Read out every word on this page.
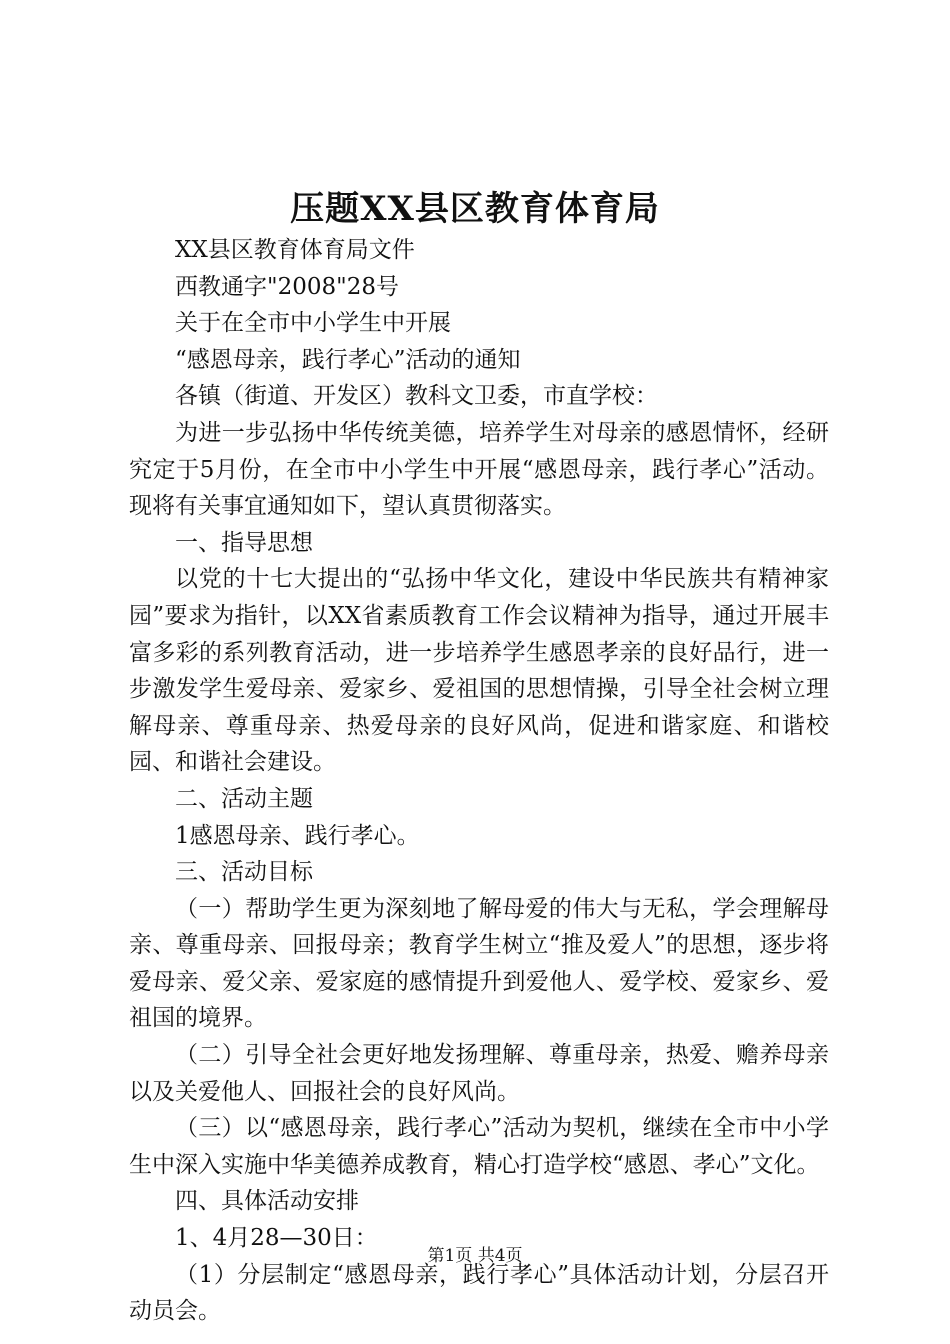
压题XX县区教育体育局

XX县区教育体育局文件

西教通字"2008"28号

关于在全市中小学生中开展

“感恩母亲，践行孝心”活动的通知

各镇（街道、开发区）教科文卫委，市直学校：

为进一步弘扬中华传统美德，培养学生对母亲的感恩情怀，经研究定于5月份，在全市中小学生中开展“感恩母亲，践行孝心”活动。现将有关事宜通知如下，望认真贯彻落实。

一、指导思想

以党的十七大提出的“弘扬中华文化，建设中华民族共有精神家园”要求为指针，以XX省素质教育工作会议精神为指导，通过开展丰富多彩的系列教育活动，进一步培养学生感恩孝亲的良好品行，进一步激发学生爱母亲、爱家乡、爱祖国的思想情操，引导全社会树立理解母亲、尊重母亲、热爱母亲的良好风尚，促进和谐家庭、和谐校园、和谐社会建设。

二、活动主题

1感恩母亲、践行孝心。

三、活动目标

（一）帮助学生更为深刻地了解母爱的伟大与无私，学会理解母亲、尊重母亲、回报母亲；教育学生树立“推及爱人”的思想，逐步将爱母亲、爱父亲、爱家庭的感情提升到爱他人、爱学校、爱家乡、爱祖国的境界。

（二）引导全社会更好地发扬理解、尊重母亲，热爱、赡养母亲以及关爱他人、回报社会的良好风尚。

（三）以“感恩母亲，践行孝心”活动为契机，继续在全市中小学生中深入实施中华美德养成教育，精心打造学校“感恩、孝心”文化。

四、具体活动安排

1、4月28—30日：

（1）分层制定“感恩母亲，践行孝心”具体活动计划，分层召开动员会。

第1页 共4页
